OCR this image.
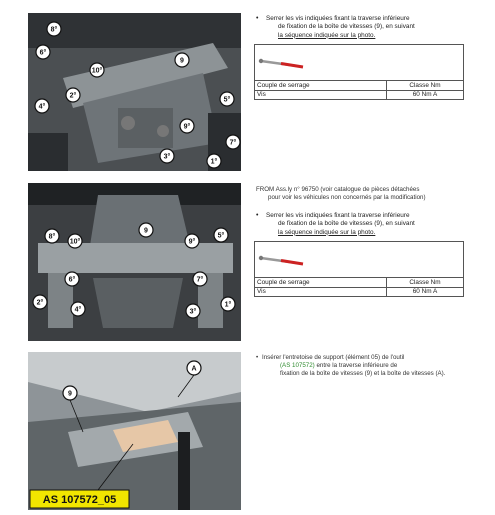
8°
6°
10°
9
4°
2°
5°
9°
7°
3°
1°
• Serrer les vis indiquées fixant la traverse inférieure
de fixation de la boîte de vitesses (9), en suivant
la séquence indiquée sur la photo.

Couple de serrage	Classe Nm
Vis	60 Nm A
8°
10°
9
9°
5°
6°	7°
2°
4°	3°
1°
FROM Ass.ly n° 96750 (voir catalogue de pièces détachées
pour voir les véhicules non concernés par la modification)
• Serrer les vis indiquées fixant la traverse inférieure
de fixation de la boîte de vitesses (9), en suivant
la séquence indiquée sur la photo.

Couple de serrage	Classe Nm
Vis	60 Nm A
9
A
AS 107572_05
• Insérer l'entretoise de support (élément 05) de l'outil
(AS 107572) entre la traverse inférieure de
fixation de la boîte de vitesses (9) et la boîte de vitesses (A).
